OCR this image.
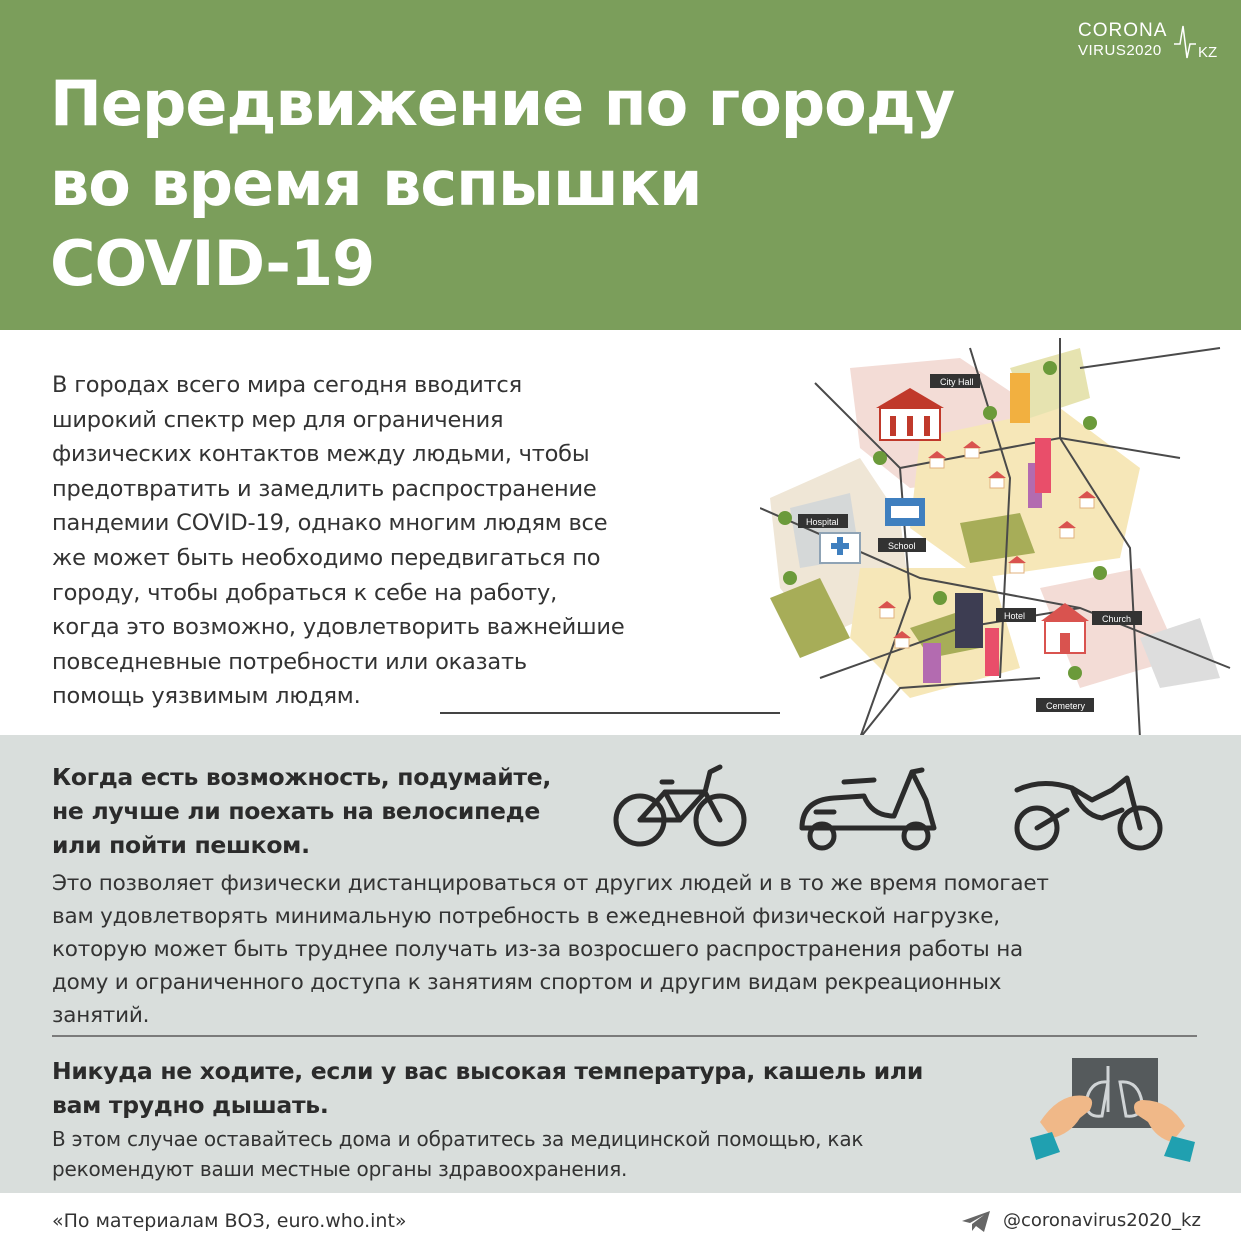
Передвижение по городу
во время вспышки
COVID-19
CORONA
VIRUS2020 KZ

В городах всего мира сегодня вводится
широкий спектр мер для ограничения
физических контактов между людьми, чтобы
предотвратить и замедлить распространение
пандемии COVID-19, однако многим людям все
же может быть необходимо передвигаться по
городу, чтобы добраться к себе на работу,
когда это возможно, удовлетворить важнейшие
повседневные потребности или оказать
помощь уязвимым людям.

City Hall
Hospital
School
Hotel	Church
Cemetery
Когда есть возможность, подумайте,
не лучше ли поехать на велосипеде
или пойти пешком.

Это позволяет физически дистанцироваться от других людей и в то же время помогает
вам удовлетворять минимальную потребность в ежедневной физической нагрузке,
которую может быть труднее получать из-за возросшего распространения работы на
дому и ограниченного доступа к занятиям спортом и другим видам рекреационных
занятий.

Никуда не ходите, если у вас высокая температура, кашель или
вам трудно дышать.

В этом случае оставайтесь дома и обратитесь за медицинской помощью, как
рекомендуют ваши местные органы здравоохранения.

«По материалам ВОЗ, euro.who.int»	@coronavirus2020_kz
